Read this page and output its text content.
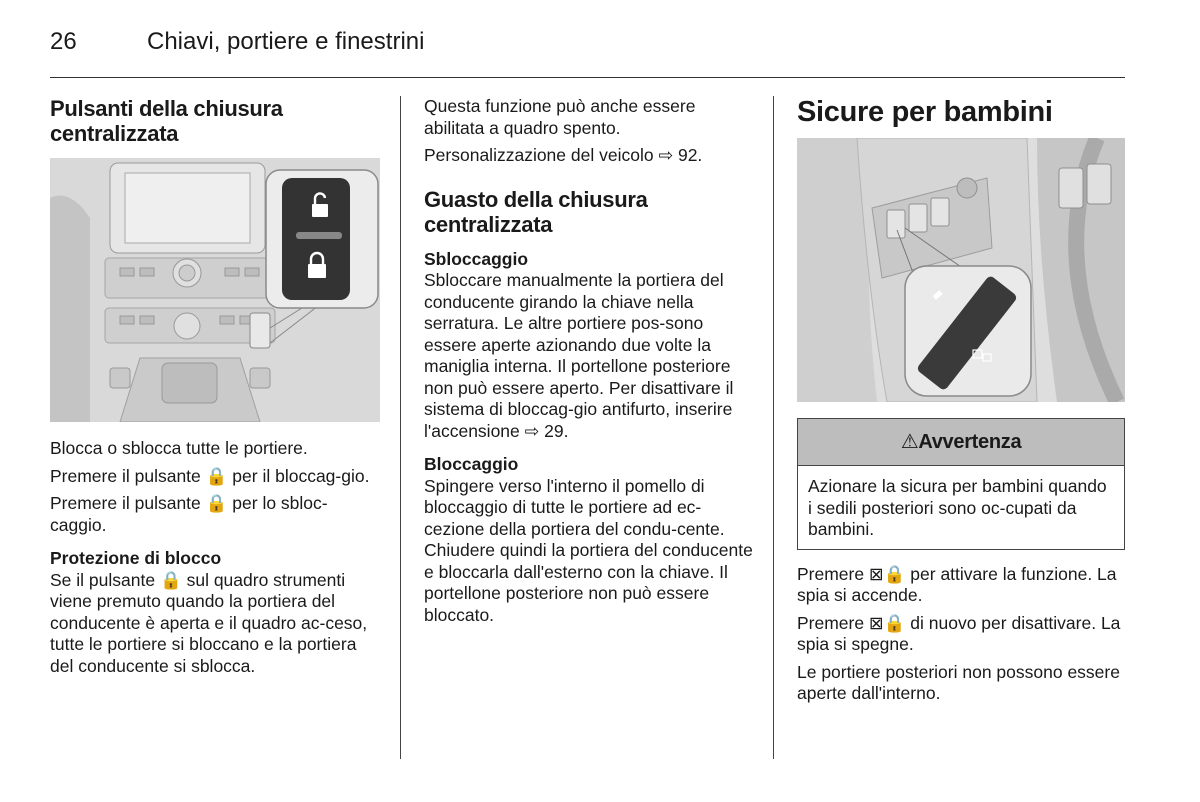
26	Chiavi, portiere e finestrini
Pulsanti della chiusura centralizzata
Blocca o sblocca tutte le portiere.
Premere il pulsante 🔒 per il bloccag-gio.
Premere il pulsante 🔒 per lo sbloc-caggio.
Protezione di blocco
Se il pulsante 🔒 sul quadro strumenti viene premuto quando la portiera del conducente è aperta e il quadro ac-ceso, tutte le portiere si bloccano e la portiera del conducente si sblocca.
Questa funzione può anche essere abilitata a quadro spento.
Personalizzazione del veicolo ⇨ 92.
Guasto della chiusura centralizzata
Sbloccaggio
Sbloccare manualmente la portiera del conducente girando la chiave nella serratura. Le altre portiere pos-sono essere aperte azionando due volte la maniglia interna. Il portellone posteriore non può essere aperto. Per disattivare il sistema di bloccag-gio antifurto, inserire l'accensione ⇨ 29.
Bloccaggio
Spingere verso l'interno il pomello di bloccaggio di tutte le portiere ad ec-cezione della portiera del condu-cente. Chiudere quindi la portiera del conducente e bloccarla dall'esterno con la chiave. Il portellone posteriore non può essere bloccato.
Sicure per bambini
⚠Avvertenza
Azionare la sicura per bambini quando i sedili posteriori sono oc-cupati da bambini.
Premere ⊠🔒 per attivare la funzione. La spia si accende.
Premere ⊠🔒 di nuovo per disattivare. La spia si spegne.
Le portiere posteriori non possono essere aperte dall'interno.
